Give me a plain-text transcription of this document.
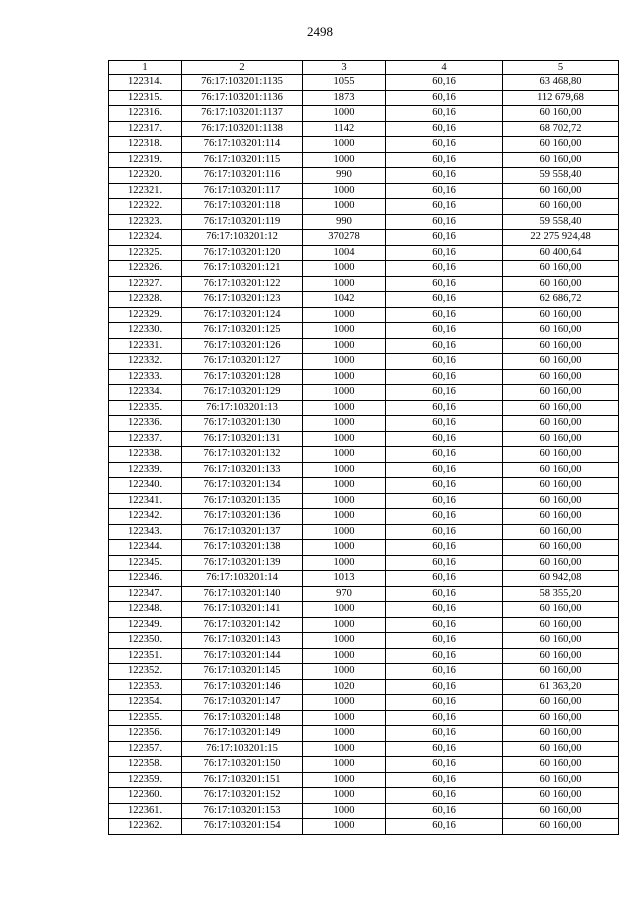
2498
1	2	3	4	5
122314.	76:17:103201:1135	1055	60,16	63 468,80
122315.	76:17:103201:1136	1873	60,16	112 679,68
122316.	76:17:103201:1137	1000	60,16	60 160,00
122317.	76:17:103201:1138	1142	60,16	68 702,72
122318.	76:17:103201:114	1000	60,16	60 160,00
122319.	76:17:103201:115	1000	60,16	60 160,00
122320.	76:17:103201:116	990	60,16	59 558,40
122321.	76:17:103201:117	1000	60,16	60 160,00
122322.	76:17:103201:118	1000	60,16	60 160,00
122323.	76:17:103201:119	990	60,16	59 558,40
122324.	76:17:103201:12	370278	60,16	22 275 924,48
122325.	76:17:103201:120	1004	60,16	60 400,64
122326.	76:17:103201:121	1000	60,16	60 160,00
122327.	76:17:103201:122	1000	60,16	60 160,00
122328.	76:17:103201:123	1042	60,16	62 686,72
122329.	76:17:103201:124	1000	60,16	60 160,00
122330.	76:17:103201:125	1000	60,16	60 160,00
122331.	76:17:103201:126	1000	60,16	60 160,00
122332.	76:17:103201:127	1000	60,16	60 160,00
122333.	76:17:103201:128	1000	60,16	60 160,00
122334.	76:17:103201:129	1000	60,16	60 160,00
122335.	76:17:103201:13	1000	60,16	60 160,00
122336.	76:17:103201:130	1000	60,16	60 160,00
122337.	76:17:103201:131	1000	60,16	60 160,00
122338.	76:17:103201:132	1000	60,16	60 160,00
122339.	76:17:103201:133	1000	60,16	60 160,00
122340.	76:17:103201:134	1000	60,16	60 160,00
122341.	76:17:103201:135	1000	60,16	60 160,00
122342.	76:17:103201:136	1000	60,16	60 160,00
122343.	76:17:103201:137	1000	60,16	60 160,00
122344.	76:17:103201:138	1000	60,16	60 160,00
122345.	76:17:103201:139	1000	60,16	60 160,00
122346.	76:17:103201:14	1013	60,16	60 942,08
122347.	76:17:103201:140	970	60,16	58 355,20
122348.	76:17:103201:141	1000	60,16	60 160,00
122349.	76:17:103201:142	1000	60,16	60 160,00
122350.	76:17:103201:143	1000	60,16	60 160,00
122351.	76:17:103201:144	1000	60,16	60 160,00
122352.	76:17:103201:145	1000	60,16	60 160,00
122353.	76:17:103201:146	1020	60,16	61 363,20
122354.	76:17:103201:147	1000	60,16	60 160,00
122355.	76:17:103201:148	1000	60,16	60 160,00
122356.	76:17:103201:149	1000	60,16	60 160,00
122357.	76:17:103201:15	1000	60,16	60 160,00
122358.	76:17:103201:150	1000	60,16	60 160,00
122359.	76:17:103201:151	1000	60,16	60 160,00
122360.	76:17:103201:152	1000	60,16	60 160,00
122361.	76:17:103201:153	1000	60,16	60 160,00
122362.	76:17:103201:154	1000	60,16	60 160,00
